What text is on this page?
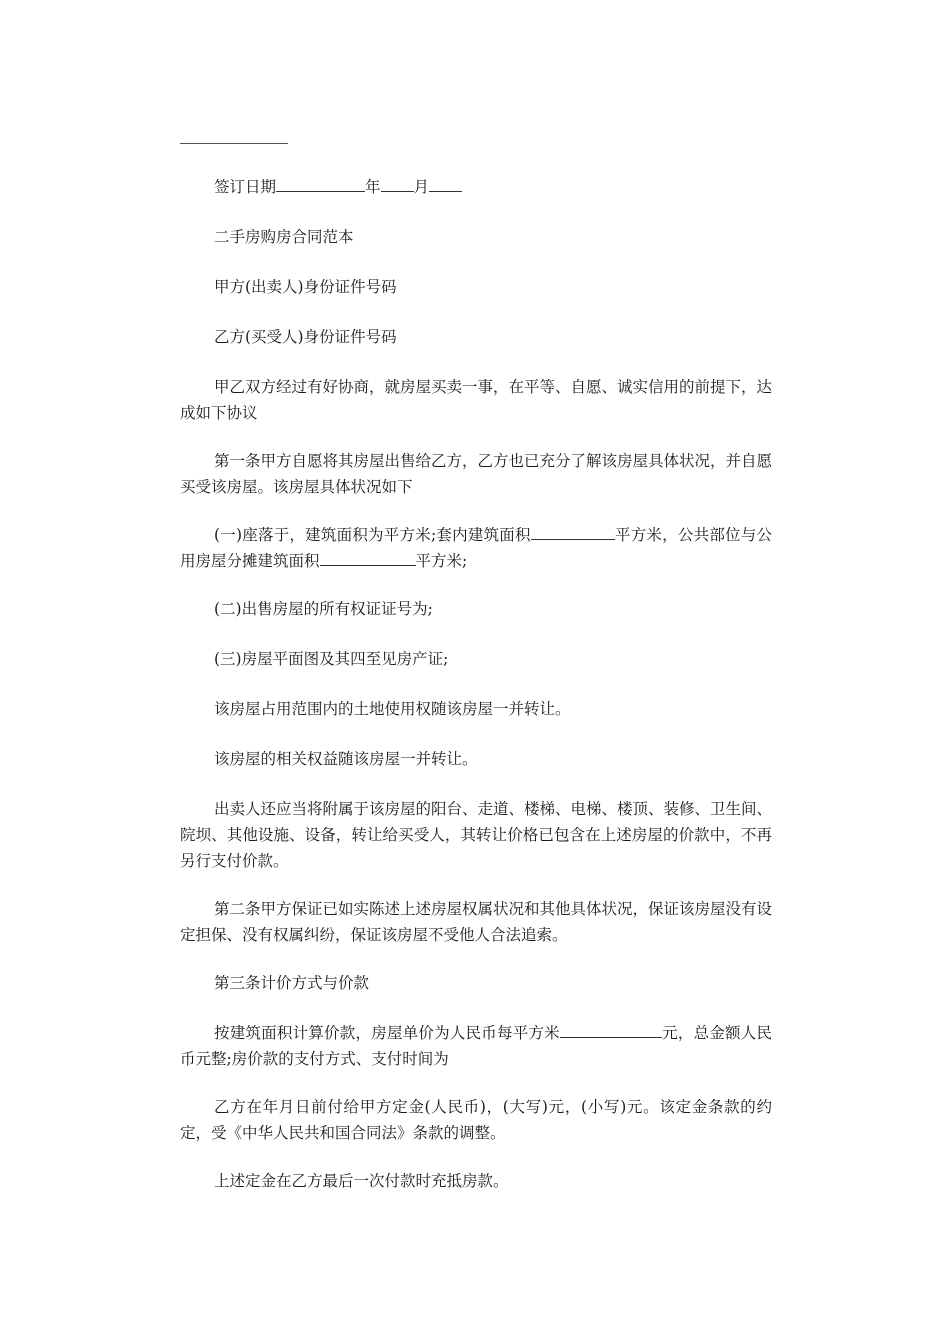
签订日期	年 月

二手房购房合同范本

甲方(出卖人)身份证件号码

乙方(买受人)身份证件号码

甲乙双方经过有好协商，就房屋买卖一事，在平等、自愿、诚实信用的前提下，达成如下协议

第一条甲方自愿将其房屋出售给乙方，乙方也已充分了解该房屋具体状况，并自愿买受该房屋。该房屋具体状况如下

(一)座落于，建筑面积为平方米;套内建筑面积	平方米，公共部位与公用房屋分摊建筑面积	平方米;

(二)出售房屋的所有权证证号为;

(三)房屋平面图及其四至见房产证;

该房屋占用范围内的土地使用权随该房屋一并转让。

该房屋的相关权益随该房屋一并转让。

出卖人还应当将附属于该房屋的阳台、走道、楼梯、电梯、楼顶、装修、卫生间、院坝、其他设施、设备，转让给买受人，其转让价格已包含在上述房屋的价款中，不再另行支付价款。

第二条甲方保证已如实陈述上述房屋权属状况和其他具体状况，保证该房屋没有设定担保、没有权属纠纷，保证该房屋不受他人合法追索。

第三条计价方式与价款

按建筑面积计算价款，房屋单价为人民币每平方米	元，总金额人民币元整;房价款的支付方式、支付时间为

乙方在年月日前付给甲方定金(人民币)，(大写)元，(小写)元。该定金条款的约定，受《中华人民共和国合同法》条款的调整。

上述定金在乙方最后一次付款时充抵房款。
